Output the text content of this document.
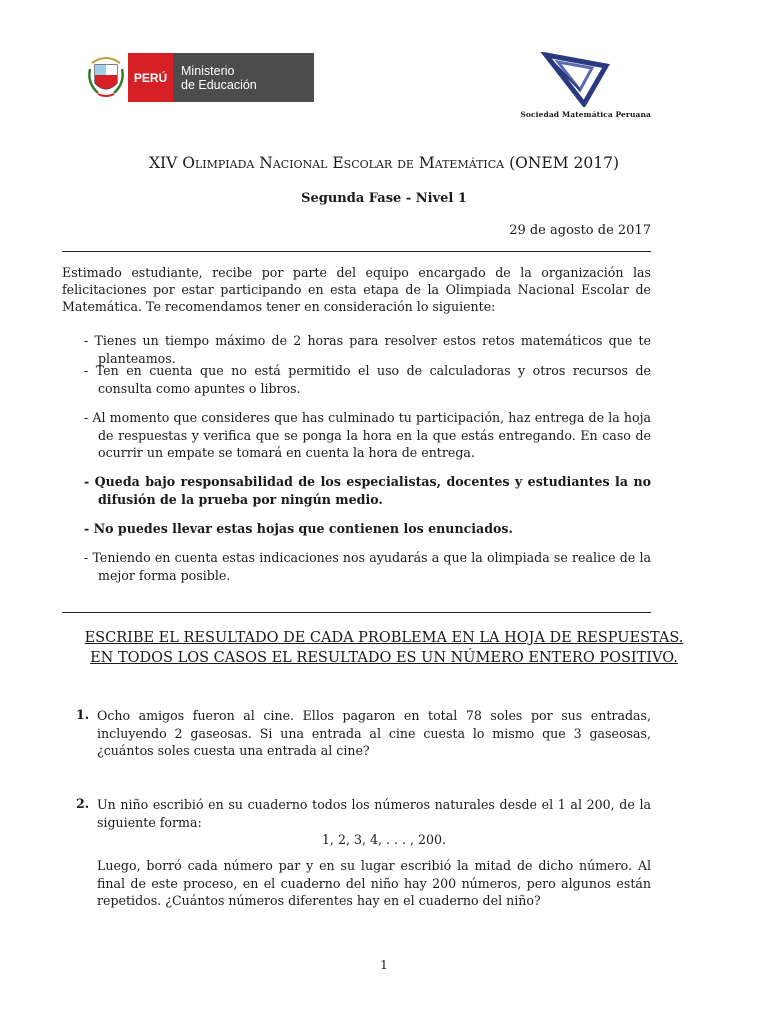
PERÚ	Ministerio
de Educación
Sociedad Matemática Peruana
XIV Olimpiada Nacional Escolar de Matemática (ONEM 2017)
Segunda Fase - Nivel 1
29 de agosto de 2017
Estimado estudiante, recibe por parte del equipo encargado de la organización las felicitaciones por estar participando en esta etapa de la Olimpiada Nacional Escolar de Matemática. Te recomendamos tener en consideración lo siguiente:
- Tienes un tiempo máximo de 2 horas para resolver estos retos matemáticos que te planteamos.
- Ten en cuenta que no está permitido el uso de calculadoras y otros recursos de consulta como apuntes o libros.
- Al momento que consideres que has culminado tu participación, haz entrega de la hoja de respuestas y verifica que se ponga la hora en la que estás entregando. En caso de ocurrir un empate se tomará en cuenta la hora de entrega.
- Queda bajo responsabilidad de los especialistas, docentes y estudiantes la no difusión de la prueba por ningún medio.
- No puedes llevar estas hojas que contienen los enunciados.
- Teniendo en cuenta estas indicaciones nos ayudarás a que la olimpiada se realice de la mejor forma posible.
ESCRIBE EL RESULTADO DE CADA PROBLEMA EN LA HOJA DE RESPUESTAS.
EN TODOS LOS CASOS EL RESULTADO ES UN NÚMERO ENTERO POSITIVO.
1. Ocho amigos fueron al cine. Ellos pagaron en total 78 soles por sus entradas, incluyendo 2 gaseosas. Si una entrada al cine cuesta lo mismo que 3 gaseosas, ¿cuántos soles cuesta una entrada al cine?
2. Un niño escribió en su cuaderno todos los números naturales desde el 1 al 200, de la siguiente forma:
1, 2, 3, 4, . . . , 200.
Luego, borró cada número par y en su lugar escribió la mitad de dicho número. Al final de este proceso, en el cuaderno del niño hay 200 números, pero algunos están repetidos. ¿Cuántos números diferentes hay en el cuaderno del niño?
1
